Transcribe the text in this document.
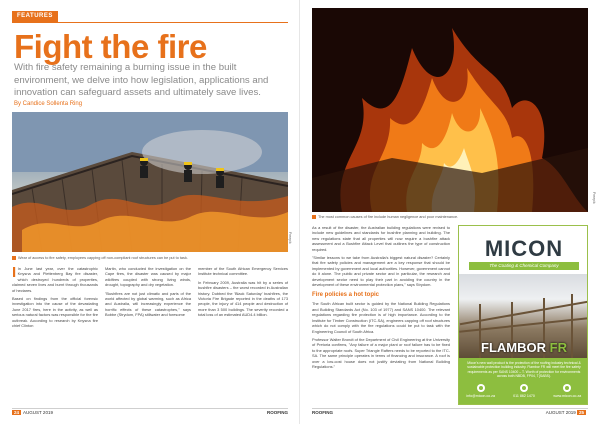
FEATURES
Fight the fire

With fire safety remaining a burning issue in the built environment, we delve into how legislation, applications and innovation can safeguard assets and ultimately save lives.

By Candice Sollenta Ring
Freepik
Wear of access to fire safety, employees capping off non-compliant roof structures can be put to task.

I In June last year, over the catastrophic Knysna and Plettenberg Bay fire disaster, which destroyed hundreds of properties, claimed seven lives and burnt through thousands of hectares.

Based on findings from the official forensic investigation into the cause of the devastating June 2017 fires, here in the activity, as well as serious natural factors was responsible for the fire outbreak. According to research by Knysna fire chief Clinton

Martin, who conducted the investigation on the Cape fires, the disaster was caused by major wildfires coupled with strong living winds, drought, topography and dry vegetation.

"Bushfires are not just climatic and parts of the world affected by global warming, such as Africa and Australia, will increasingly experience the horrific effects of these catastrophes," says Bobbe (Strydom, FPA) stillwater and foresome

member of the South African Emergency Services Institute technical committee.

In February 2009, Australia was hit by a series of bushfire disasters – the worst recorded in Australian history. Dubbed the 'Black Saturday' bushfires, the Victoria Fire Brigade reported in the deaths of 173 people, the injury of 414 people and destruction of more than 3 500 buildings. The severity recorded a total loss of an estimated AUD4.4 billion.

24 AUGUST 2019	ROOFING
Freepik
The most common causes of fire include human negligence and poor maintenance.

As a result of the disaster, the Australian building regulations were revised to include new guidelines and standards for bushfire planning and building. The new regulations state that all properties will now require a bushfire attack assessment and a Bushfire Attack Level that outlines the type of construction required.

"Similar lessons to we take from Australia's biggest natural disaster? Certainly that fire safety policies and management are a key response that should be implemented by government and local authorities. However, government cannot do it alone. The public and private sector and in particular, the research and development sector need to play their part in avoiding the country in the development of these environmental protection plans," says Strydom.

Fire policies a hot topic

The South African built sector is guided by the National Building Regulations and Building Standards Act (No. 103 of 1977) and SANS 10400. The relevant regulations regarding fire protection is of high importance. According to the Institute for Timber Construction (ITC-SA), engineers capping off roof structures which do not comply with the fire regulations could be put to task with the Engineering Council of South Africa.

Professor Walter Brondt of the Department of Civil Engineering at the University of Pretoria confirms, "Any failure of a major plant or roof failure has to be fixed to the appropriate roofs. Super Triangle Rafters needs to be reported to the ITC-SA. The same principle operates in terms of financing and insurance. A roof is over a low-cost house does not justify deviating from National Building Regulations."

MICON
The Coating & Chemical Company
FLAMBOR FR
Micon's new wall product is the protection of the roofing industry technical & sustainable protection building industry. Flambor FR will meet the fire safety requirements as per SANS 10400 – T. Worth of protection for environments across both NBDB, FP04, T(SABS).
info@micon.co.za	011 862 1470	www.micon.co.za
ROOFING	AUGUST 2019 25
